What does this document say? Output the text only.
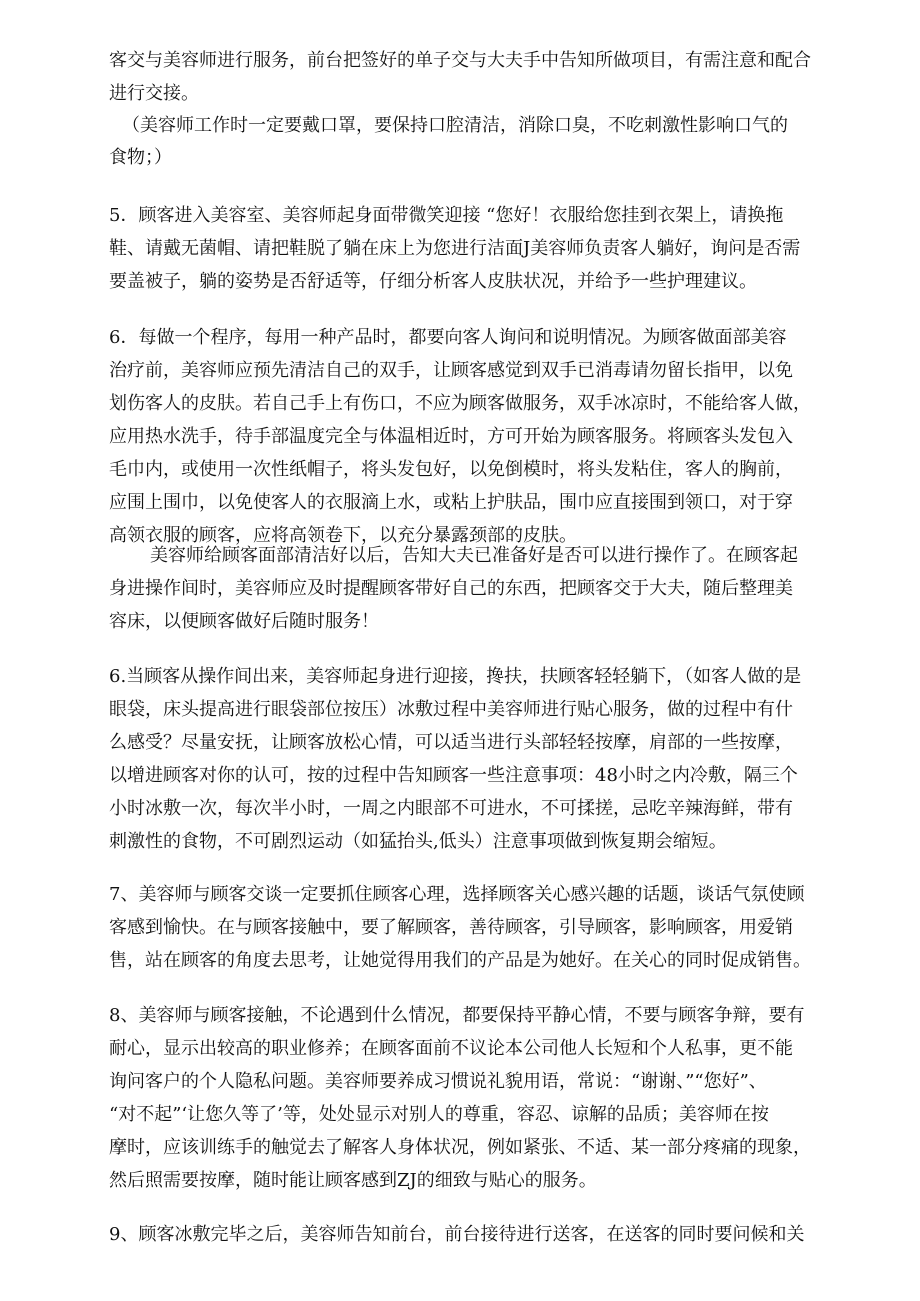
客交与美容师进行服务，前台把签好的单子交与大夫手中告知所做项目，有需注意和配合
进行交接。
（美容师工作时一定要戴口罩，要保持口腔清洁，消除口臭，不吃刺激性影响口气的
食物；）
5．顾客进入美容室、美容师起身面带微笑迎接 “您好！衣服给您挂到衣架上，请换拖
鞋、请戴无菌帽、请把鞋脱了躺在床上为您进行洁面J美容师负责客人躺好，询问是否需
要盖被子，躺的姿势是否舒适等，仔细分析客人皮肤状况，并给予一些护理建议。
6．每做一个程序，每用一种产品时，都要向客人询问和说明情况。为顾客做面部美容
治疗前，美容师应预先清洁自己的双手，让顾客感觉到双手已消毒请勿留长指甲，以免
划伤客人的皮肤。若自己手上有伤口，不应为顾客做服务，双手冰凉时，不能给客人做，
应用热水洗手，待手部温度完全与体温相近时，方可开始为顾客服务。将顾客头发包入
毛巾内，或使用一次性纸帽子，将头发包好，以免倒模时，将头发粘住，客人的胸前，
应围上围巾，以免使客人的衣服滴上水，或粘上护肤品，围巾应直接围到领口，对于穿
高领衣服的顾客，应将高领卷下，以充分暴露颈部的皮肤。
美容师给顾客面部清洁好以后，告知大夫已准备好是否可以进行操作了。在顾客起
身进操作间时，美容师应及时提醒顾客带好自己的东西，把顾客交于大夫，随后整理美
容床，以便顾客做好后随时服务！
6.当顾客从操作间出来，美容师起身进行迎接，搀扶，扶顾客轻轻躺下，（如客人做的是
眼袋，床头提高进行眼袋部位按压）冰敷过程中美容师进行贴心服务，做的过程中有什
么感受？尽量安抚，让顾客放松心情，可以适当进行头部轻轻按摩，肩部的一些按摩，
以增进顾客对你的认可，按的过程中告知顾客一些注意事项：48小时之内冷敷，隔三个
小时冰敷一次，每次半小时，一周之内眼部不可进水，不可揉搓，忌吃辛辣海鲜，带有
刺激性的食物，不可剧烈运动（如猛抬头,低头）注意事项做到恢复期会缩短。
7、美容师与顾客交谈一定要抓住顾客心理，选择顾客关心感兴趣的话题，谈话气氛使顾
客感到愉快。在与顾客接触中，要了解顾客，善待顾客，引导顾客，影响顾客，用爱销
售，站在顾客的角度去思考，让她觉得用我们的产品是为她好。在关心的同时促成销售。
8、美容师与顾客接触，不论遇到什么情况，都要保持平静心情，不要与顾客争辩，要有
耐心，显示出较高的职业修养；在顾客面前不议论本公司他人长短和个人私事，更不能
询问客户的个人隐私问题。美容师要养成习惯说礼貌用语，常说：“谢谢、”“您好”、
“对不起”‘让您久等了’等，处处显示对别人的尊重，容忍、谅解的品质；美容师在按
摩时，应该训练手的触觉去了解客人身体状况，例如紧张、不适、某一部分疼痛的现象，
然后照需要按摩，随时能让顾客感到ZJ的细致与贴心的服务。
9、顾客冰敷完毕之后，美容师告知前台，前台接待进行送客，在送客的同时要问候和关
